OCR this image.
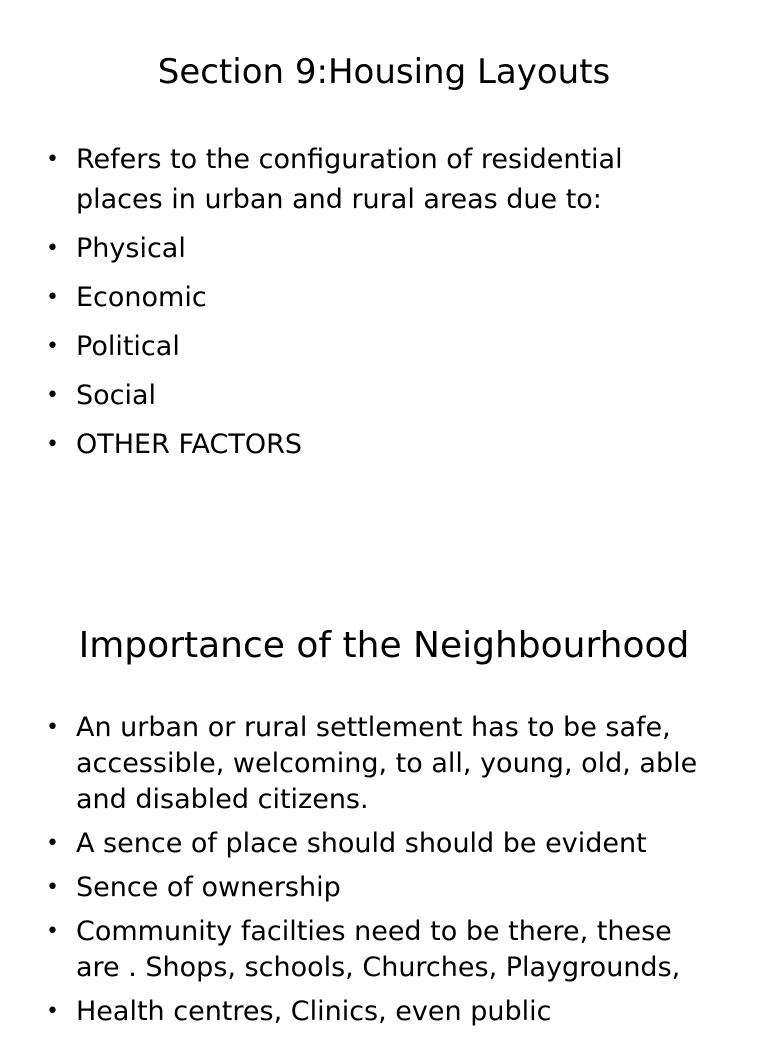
Section 9:Housing Layouts
• Refers to the configuration of residential
places in urban and rural areas due to:
• Physical
• Economic
• Political
• Social
• OTHER FACTORS
Importance of the Neighbourhood
• An urban or rural settlement has to be safe,
accessible, welcoming, to all, young, old, able
and disabled citizens.
• A sence of place should should be evident
• Sence of ownership
• Community facilties need to be there, these
are . Shops, schools, Churches, Playgrounds,
• Health centres, Clinics, even public
